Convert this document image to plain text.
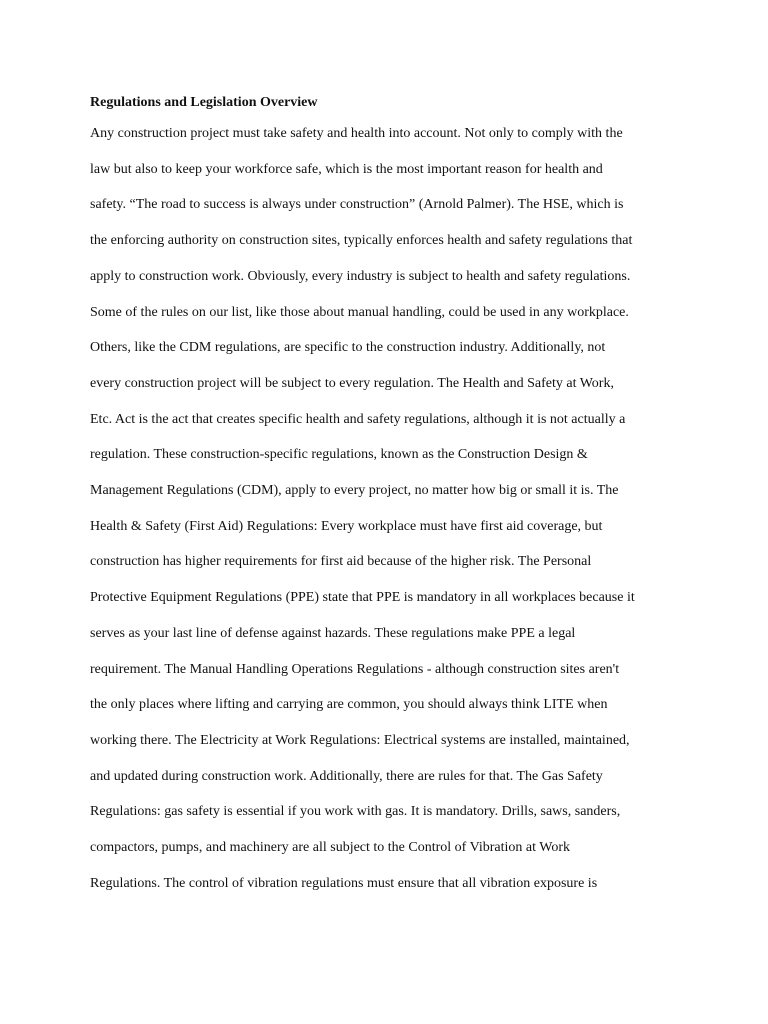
Regulations and Legislation Overview

Any construction project must take safety and health into account. Not only to comply with the

law but also to keep your workforce safe, which is the most important reason for health and

safety. “The road to success is always under construction” (Arnold Palmer). The HSE, which is

the enforcing authority on construction sites, typically enforces health and safety regulations that

apply to construction work. Obviously, every industry is subject to health and safety regulations.

Some of the rules on our list, like those about manual handling, could be used in any workplace.

Others, like the CDM regulations, are specific to the construction industry. Additionally, not

every construction project will be subject to every regulation. The Health and Safety at Work,

Etc. Act is the act that creates specific health and safety regulations, although it is not actually a

regulation. These construction-specific regulations, known as the Construction Design &

Management Regulations (CDM), apply to every project, no matter how big or small it is. The

Health & Safety (First Aid) Regulations: Every workplace must have first aid coverage, but

construction has higher requirements for first aid because of the higher risk. The Personal

Protective Equipment Regulations (PPE) state that PPE is mandatory in all workplaces because it

serves as your last line of defense against hazards. These regulations make PPE a legal

requirement. The Manual Handling Operations Regulations - although construction sites aren't

the only places where lifting and carrying are common, you should always think LITE when

working there. The Electricity at Work Regulations: Electrical systems are installed, maintained,

and updated during construction work. Additionally, there are rules for that. The Gas Safety

Regulations: gas safety is essential if you work with gas. It is mandatory. Drills, saws, sanders,

compactors, pumps, and machinery are all subject to the Control of Vibration at Work

Regulations. The control of vibration regulations must ensure that all vibration exposure is
